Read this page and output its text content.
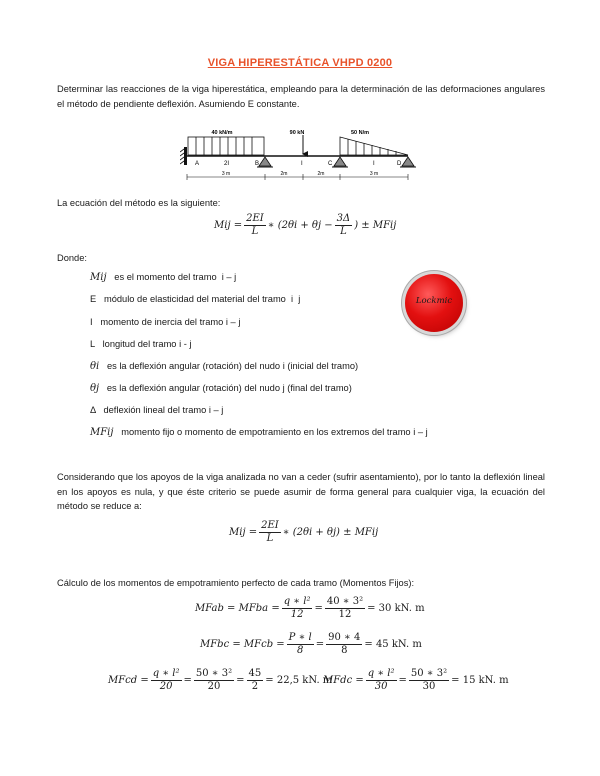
VIGA HIPERESTÁTICA VHPD 0200
Determinar las reacciones de la viga hiperestática, empleando para la determinación de las deformaciones angulares el método de pendiente deflexión. Asumiendo E constante.
40 kN/m	90 kN	50 N/m
A	B	C	D
2I	I	I
3 m	2m	2m	3 m
La ecuación del método es la siguiente:
Mij = $\frac{2EI}{L}$ ∗ ($2\theta i + \theta j - \frac{3\Delta}{L}$ ) ± MFij
Donde:
Mij es el momento del tramo  i – j
E módulo de elasticidad del material del tramo  i  j
I momento de inercia del tramo i – j
L longitud del tramo i - j
θi es la deflexión angular (rotación) del nudo i (inicial del tramo)
θj es la deflexión angular (rotación) del nudo j (final del tramo)
Δ deflexión lineal del tramo i – j
MFij momento fijo o momento de empotramiento en los extremos del tramo i – j
Lockmic
Considerando que los apoyos de la viga analizada no van a ceder (sufrir asentamiento), por lo tanto la deflexión lineal en los apoyos es nula, y que éste criterio se puede asumir de forma general para cualquier viga, la ecuación del método se reduce a:
Mij = $\frac{2EI}{L}$ ∗ (2θi + θj) ± MFij
Cálculo de los momentos de empotramiento perfecto de cada tramo (Momentos Fijos):
MFab = MFba = $\frac{\text{q ∗ l²}}{12} = \frac{\text{40 ∗ 3²}}{12} = 30$ kN. m
MFbc = MFcb = $\frac{P ∗ l}{8} = \frac{90 ∗ 4}{8} = 45$ kN. m
MFcd = $\frac{\text{q ∗ l²}}{20} = \frac{\text{50 ∗ 3²}}{20} = \frac{45}{2} = 22,5$ kN. m
MFdc = $\frac{\text{q ∗ l²}}{30} = \frac{\text{50 ∗ 3²}}{30} = 15$ kN. m
